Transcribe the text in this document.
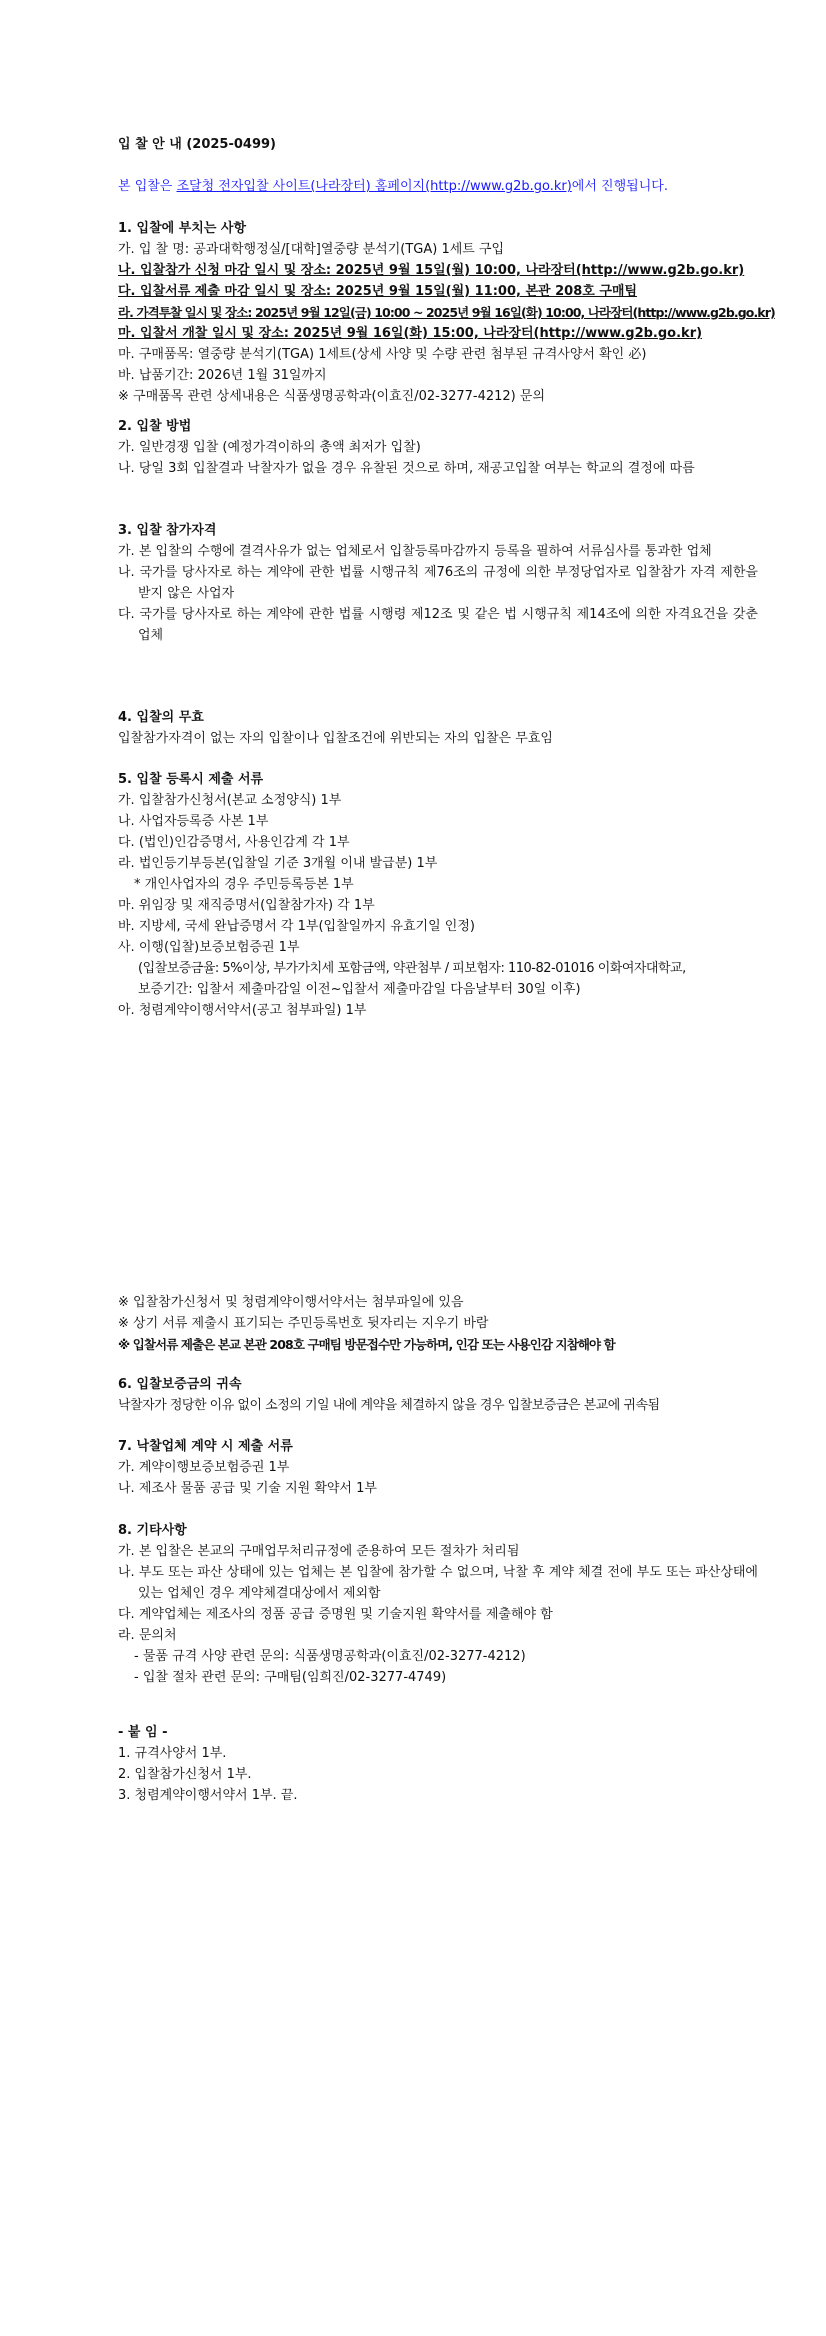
입 찰 안 내 (2025-0499)
본 입찰은 조달청 전자입찰 사이트(나라장터) 홈페이지(http://www.g2b.go.kr)에서 진행됩니다.
1. 입찰에 부치는 사항
가. 입 찰 명: 공과대학행정실/[대학]열중량 분석기(TGA) 1세트 구입
나. 입찰참가 신청 마감 일시 및 장소: 2025년 9월 15일(월) 10:00, 나라장터(http://www.g2b.go.kr)
다. 입찰서류 제출 마감 일시 및 장소: 2025년 9월 15일(월) 11:00, 본관 208호 구매팀
라. 가격투찰 일시 및 장소: 2025년 9월 12일(금) 10:00 ~ 2025년 9월 16일(화) 10:00, 나라장터(http://www.g2b.go.kr)
마. 입찰서 개찰 일시 및 장소: 2025년 9월 16일(화) 15:00, 나라장터(http://www.g2b.go.kr)
마. 구매품목: 열중량 분석기(TGA) 1세트(상세 사양 및 수량 관련 첨부된 규격사양서 확인 必)
바. 납품기간: 2026년 1월 31일까지
※ 구매품목 관련 상세내용은 식품생명공학과(이효진/02-3277-4212) 문의
2. 입찰 방법
가. 일반경쟁 입찰 (예정가격이하의 총액 최저가 입찰)
나. 당일 3회 입찰결과 낙찰자가 없을 경우 유찰된 것으로 하며, 재공고입찰 여부는 학교의 결정에 따름
3. 입찰 참가자격
가. 본 입찰의 수행에 결격사유가 없는 업체로서 입찰등록마감까지 등록을 필하여 서류심사를 통과한 업체
나. 국가를 당사자로 하는 계약에 관한 법률 시행규칙 제76조의 규정에 의한 부정당업자로 입찰참가 자격 제한을 받지 않은 사업자
다. 국가를 당사자로 하는 계약에 관한 법률 시행령 제12조 및 같은 법 시행규칙 제14조에 의한 자격요건을 갖춘 업체
4. 입찰의 무효
입찰참가자격이 없는 자의 입찰이나 입찰조건에 위반되는 자의 입찰은 무효임
5. 입찰 등록시 제출 서류
가. 입찰참가신청서(본교 소정양식) 1부
나. 사업자등록증 사본 1부
다. (법인)인감증명서, 사용인감계 각 1부
라. 법인등기부등본(입찰일 기준 3개월 이내 발급분) 1부
* 개인사업자의 경우 주민등록등본 1부
마. 위임장 및 재직증명서(입찰참가자) 각 1부
바. 지방세, 국세 완납증명서 각 1부(입찰일까지 유효기일 인정)
사. 이행(입찰)보증보험증권 1부
(입찰보증금율: 5%이상, 부가가치세 포함금액, 약관첨부 / 피보험자: 110-82-01016 이화여자대학교,
보증기간: 입찰서 제출마감일 이전~입찰서 제출마감일 다음날부터 30일 이후)
아. 청렴계약이행서약서(공고 첨부파일) 1부
※ 입찰참가신청서 및 청렴계약이행서약서는 첨부파일에 있음
※ 상기 서류 제출시 표기되는 주민등록번호 뒷자리는 지우기 바람
※ 입찰서류 제출은 본교 본관 208호 구매팀 방문접수만 가능하며, 인감 또는 사용인감 지참해야 함
6. 입찰보증금의 귀속
낙찰자가 정당한 이유 없이 소정의 기일 내에 계약을 체결하지 않을 경우 입찰보증금은 본교에 귀속됨
7. 낙찰업체 계약 시 제출 서류
가. 계약이행보증보험증권 1부
나. 제조사 물품 공급 및 기술 지원 확약서 1부
8. 기타사항
가. 본 입찰은 본교의 구매업무처리규정에 준용하여 모든 절차가 처리됨
나. 부도 또는 파산 상태에 있는 업체는 본 입찰에 참가할 수 없으며, 낙찰 후 계약 체결 전에 부도 또는 파산상태에 있는 업체인 경우 계약체결대상에서 제외함
다. 계약업체는 제조사의 정품 공급 증명원 및 기술지원 확약서를 제출해야 함
라. 문의처
- 물품 규격 사양 관련 문의: 식품생명공학과(이효진/02-3277-4212)
- 입찰 절차 관련 문의: 구매팀(임희진/02-3277-4749)
- 붙 임 -
1. 규격사양서 1부.
2. 입찰참가신청서 1부.
3. 청렴계약이행서약서 1부. 끝.
